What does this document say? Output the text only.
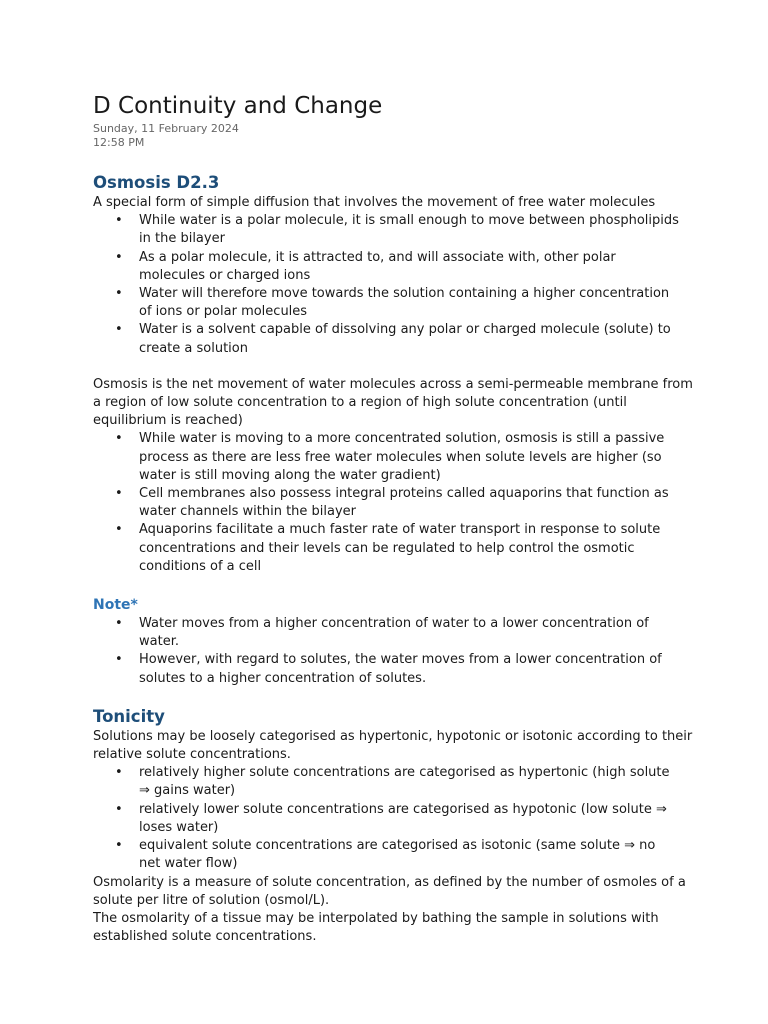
D Continuity and Change
Sunday, 11 February 2024
12:58 PM
Osmosis D2.3

A special form of simple diffusion that involves the movement of free water molecules

• While water is a polar molecule, it is small enough to move between phospholipids in the bilayer
• As a polar molecule, it is attracted to, and will associate with, other polar molecules or charged ions
• Water will therefore move towards the solution containing a higher concentration of ions or polar molecules
• Water is a solvent capable of dissolving any polar or charged molecule (solute) to create a solution

Osmosis is the net movement of water molecules across a semi-permeable membrane from a region of low solute concentration to a region of high solute concentration (until equilibrium is reached)

• While water is moving to a more concentrated solution, osmosis is still a passive process as there are less free water molecules when solute levels are higher (so water is still moving along the water gradient)
• Cell membranes also possess integral proteins called aquaporins that function as water channels within the bilayer
• Aquaporins facilitate a much faster rate of water transport in response to solute concentrations and their levels can be regulated to help control the osmotic conditions of a cell
Note*
• Water moves from a higher concentration of water to a lower concentration of water.
• However, with regard to solutes, the water moves from a lower concentration of solutes to a higher concentration of solutes.
Tonicity

Solutions may be loosely categorised as hypertonic, hypotonic or isotonic according to their relative solute concentrations.

• relatively higher solute concentrations are categorised as hypertonic (high solute ⇒ gains water)
• relatively lower solute concentrations are categorised as hypotonic (low solute ⇒ loses water)
• equivalent solute concentrations are categorised as isotonic (same solute ⇒ no net water flow)

Osmolarity is a measure of solute concentration, as defined by the number of osmoles of a solute per litre of solution (osmol/L).

The osmolarity of a tissue may be interpolated by bathing the sample in solutions with established solute concentrations.
